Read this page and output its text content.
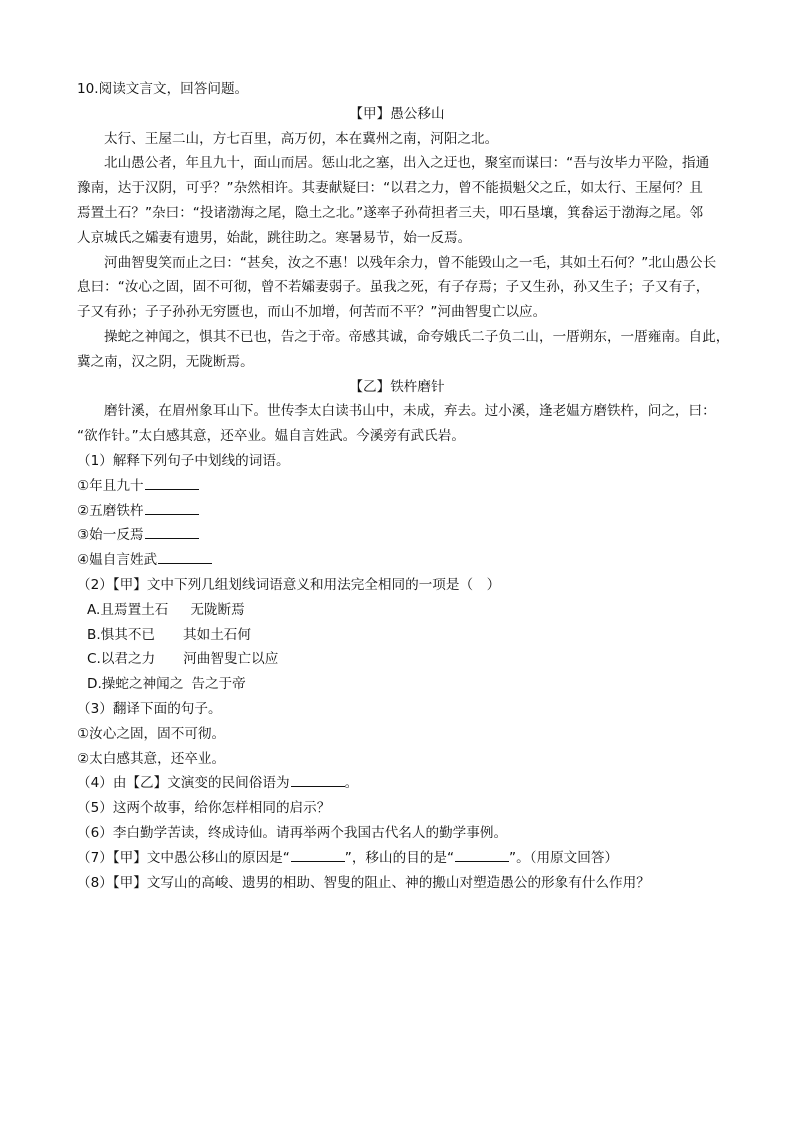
10.阅读文言文，回答问题。
【甲】愚公移山
太行、王屋二山，方七百里，高万仞，本在冀州之南，河阳之北。
北山愚公者，年且九十，面山而居。惩山北之塞，出入之迂也，聚室而谋曰：“吾与汝毕力平险，指通
豫南，达于汉阴，可乎？”杂然相许。其妻献疑曰：“以君之力，曾不能损魁父之丘，如太行、王屋何？且
焉置土石？”杂曰：“投诸渤海之尾，隐土之北。”遂率子孙荷担者三夫，叩石垦壤，箕畚运于渤海之尾。邻
人京城氏之孀妻有遗男，始龀，跳往助之。寒暑易节，始一反焉。
河曲智叟笑而止之曰：“甚矣，汝之不惠！以残年余力，曾不能毁山之一毛，其如土石何？”北山愚公长
息曰：“汝心之固，固不可彻，曾不若孀妻弱子。虽我之死，有子存焉；子又生孙，孙又生子；子又有子，
子又有孙；子子孙孙无穷匮也，而山不加增，何苦而不平？”河曲智叟亡以应。
操蛇之神闻之，惧其不已也，告之于帝。帝感其诚，命夸娥氏二子负二山，一厝朔东，一厝雍南。自此，
冀之南，汉之阴，无陇断焉。
【乙】铁杵磨针
磨针溪，在眉州象耳山下。世传李太白读书山中，未成，弃去。过小溪，逢老媪方磨铁杵，问之，曰：
“欲作针。”太白感其意，还卒业。媪自言姓武。今溪旁有武氏岩。
（1）解释下列句子中划线的词语。
①年且九十
②五磨铁杵
③始一反焉
④媪自言姓武
（2）【甲】文中下列几组划线词语意义和用法完全相同的一项是（　）
A.且焉置土石 无陇断焉
B.惧其不已 其如土石何
C.以君之力 河曲智叟亡以应
D.操蛇之神闻之 告之于帝
（3）翻译下面的句子。
①汝心之固，固不可彻。
②太白感其意，还卒业。
（4）由【乙】文演变的民间俗语为	。
（5）这两个故事，给你怎样相同的启示？
（6）李白勤学苦读，终成诗仙。请再举两个我国古代名人的勤学事例。
（7）【甲】文中愚公移山的原因是“	”，移山的目的是“	”。（用原文回答）
（8）【甲】文写山的高峻、遗男的相助、智叟的阻止、神的搬山对塑造愚公的形象有什么作用？
